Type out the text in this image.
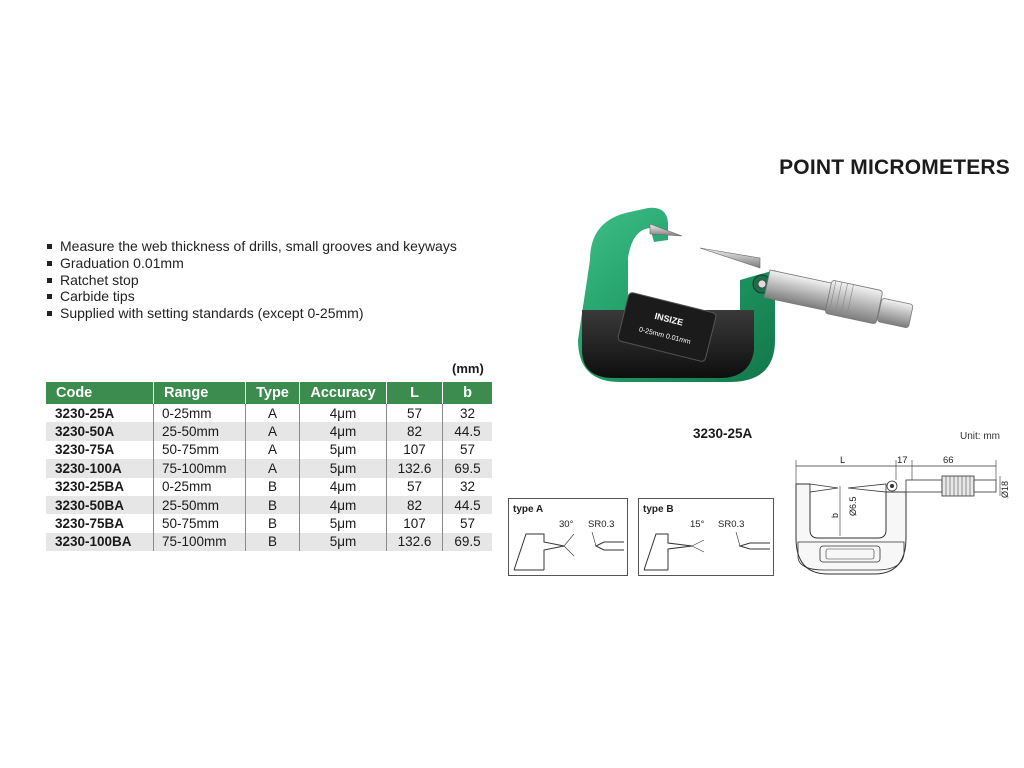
POINT MICROMETERS
Measure the web thickness of drills, small grooves and keyways
Graduation 0.01mm
Ratchet stop
Carbide tips
Supplied with setting standards (except 0-25mm)
(mm)
Code	Range	Type	Accuracy	L	b
3230-25A	0-25mm	A	4μm	57	32
3230-50A	25-50mm	A	4μm	82	44.5
3230-75A	50-75mm	A	5μm	107	57
3230-100A	75-100mm	A	5μm	132.6	69.5
3230-25BA	0-25mm	B	4μm	57	32
3230-50BA	25-50mm	B	4μm	82	44.5
3230-75BA	50-75mm	B	5μm	107	57
3230-100BA	75-100mm	B	5μm	132.6	69.5
INSIZE
0-25mm 0.01mm
3230-25A	Unit: mm
type A
30° SR0.3
type B
15° SR0.3
L	17	66
b Ø6.5
Ø18
